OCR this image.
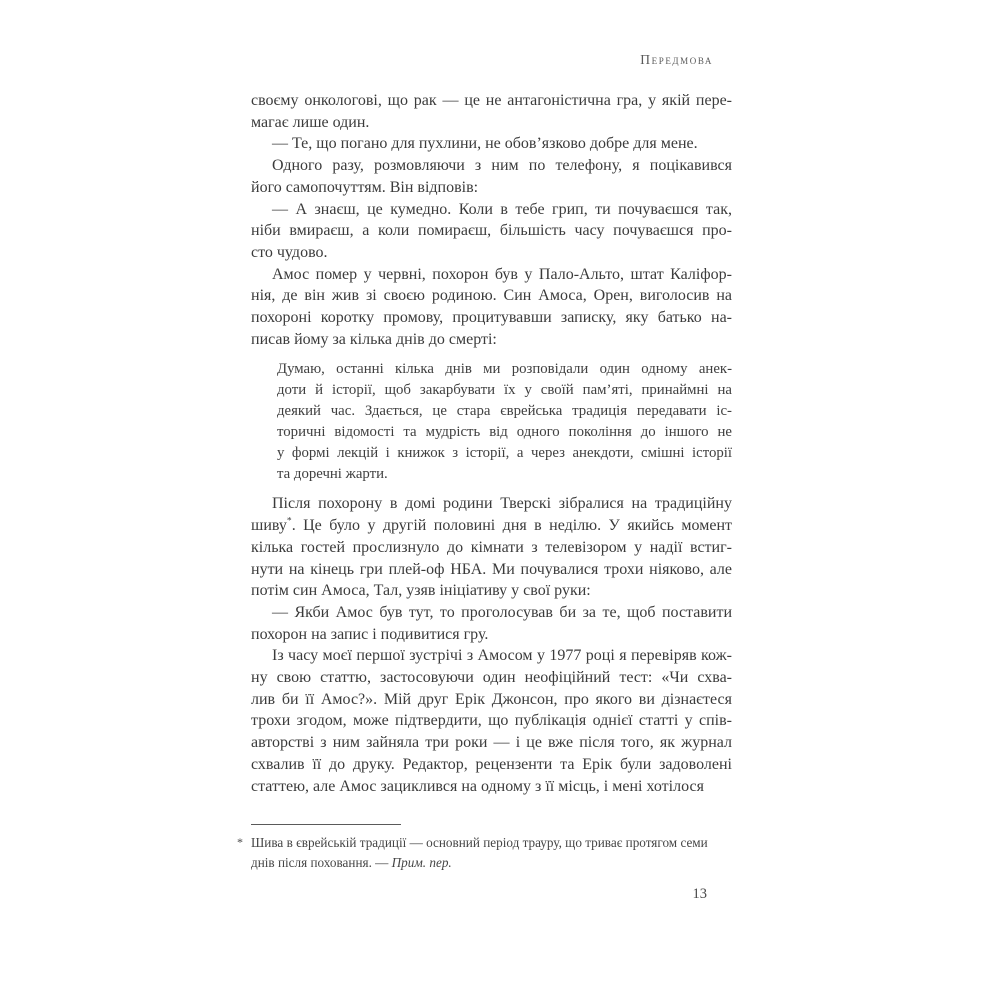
Передмова
своєму онкологові, що рак — це не антагоністична гра, у якій пере-
магає лише один.
— Те, що погано для пухлини, не обов’язково добре для мене.
Одного разу, розмовляючи з ним по телефону, я поцікавився
його самопочуттям. Він відповів:
— А знаєш, це кумедно. Коли в тебе грип, ти почуваєшся так,
ніби вмираєш, а коли помираєш, більшість часу почуваєшся про-
сто чудово.
Амос помер у червні, похорон був у Пало-Альто, штат Каліфор-
нія, де він жив зі своєю родиною. Син Амоса, Орен, виголосив на
похороні коротку промову, процитувавши записку, яку батько на-
писав йому за кілька днів до смерті:
Думаю, останні кілька днів ми розповідали один одному анек-
доти й історії, щоб закарбувати їх у своїй пам’яті, принаймні на
деякий час. Здається, це стара єврейська традиція передавати іс-
торичні відомості та мудрість від одного покоління до іншого не
у формі лекцій і книжок з історії, а через анекдоти, смішні історії
та доречні жарти.
Після похорону в домі родини Тверскі зібралися на традиційну
шиву*. Це було у другій половині дня в неділю. У якийсь момент
кілька гостей прослизнуло до кімнати з телевізором у надії встиг-
нути на кінець гри плей-оф НБА. Ми почувалися трохи ніяково, але
потім син Амоса, Тал, узяв ініціативу у свої руки:
— Якби Амос був тут, то проголосував би за те, щоб поставити
похорон на запис і подивитися гру.
Із часу моєї першої зустрічі з Амосом у 1977 році я перевіряв кож-
ну свою статтю, застосовуючи один неофіційний тест: «Чи схва-
лив би її Амос?». Мій друг Ерік Джонсон, про якого ви дізнаєтеся
трохи згодом, може підтвердити, що публікація однієї статті у спів-
авторстві з ним зайняла три роки — і це вже після того, як журнал
схвалив її до друку. Редактор, рецензенти та Ерік були задоволені
статтею, але Амос зациклився на одному з її місць, і мені хотілося
* Шива в єврейській традиції — основний період трауру, що триває протягом семи
днів після поховання. — Прим. пер.
13
